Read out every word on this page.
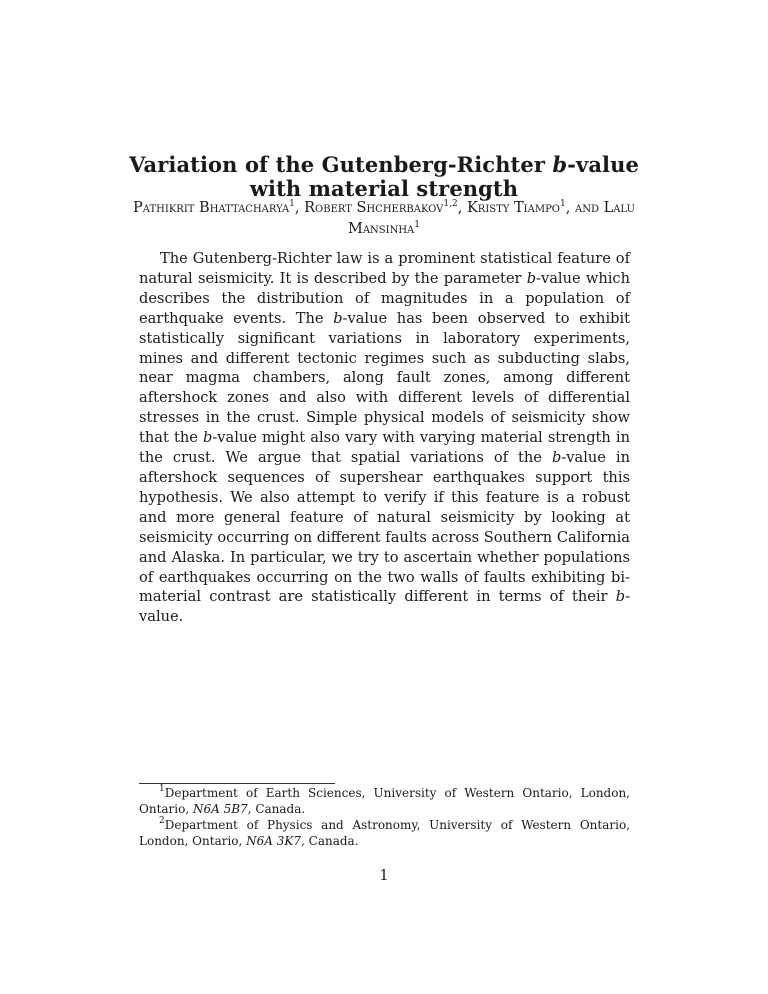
Variation of the Gutenberg-Richter b-value
with material strength
Pathikrit Bhattacharya$^1$, Robert Shcherbakov$^{1,2}$, Kristy Tiampo$^1$, and Lalu Mansinha$^1$

The Gutenberg-Richter law is a prominent statistical feature of natural seismicity. It is described by the parameter b-value which describes the distribution of magnitudes in a population of earthquake events. The b-value has been observed to exhibit statistically significant variations in laboratory experiments, mines and different tectonic regimes such as subducting slabs, near magma chambers, along fault zones, among different aftershock zones and also with different levels of differential stresses in the crust. Simple physical models of seismicity show that the b-value might also vary with varying material strength in the crust. We argue that spatial variations of the b-value in aftershock sequences of supershear earthquakes support this hypothesis. We also attempt to verify if this feature is a robust and more general feature of natural seismicity by looking at seismicity occurring on different faults across Southern California and Alaska. In particular, we try to ascertain whether populations of earthquakes occurring on the two walls of faults exhibiting bi-material contrast are statistically different in terms of their b-value.

$^1$Department of Earth Sciences, University of Western Ontario, London, Ontario, N6A 5B7, Canada.

$^2$Department of Physics and Astronomy, University of Western Ontario, London, Ontario, N6A 3K7, Canada.

1
